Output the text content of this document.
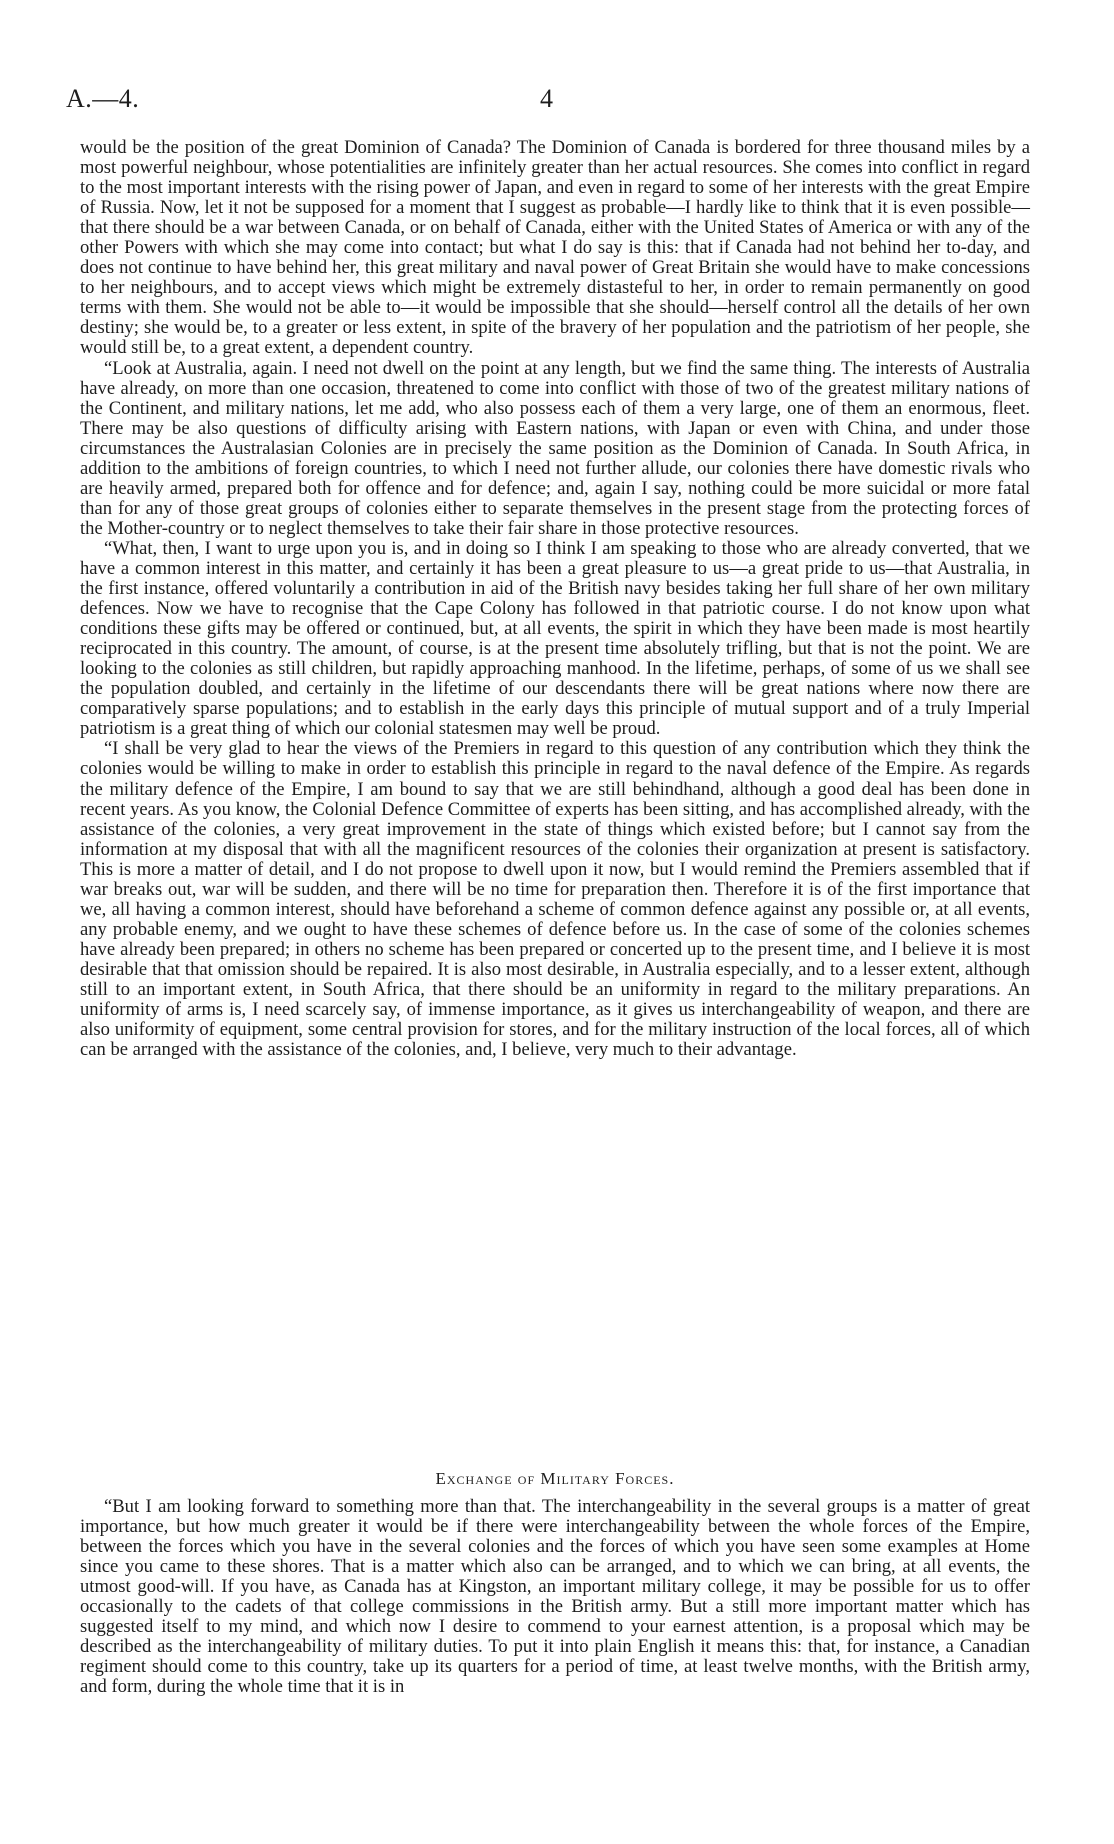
A.—4.	4

would be the position of the great Dominion of Canada? The Dominion of Canada is bordered for three thousand miles by a most powerful neighbour, whose potentialities are infinitely greater than her actual resources. She comes into conflict in regard to the most important interests with the rising power of Japan, and even in regard to some of her interests with the great Empire of Russia. Now, let it not be supposed for a moment that I suggest as probable—I hardly like to think that it is even possible—that there should be a war between Canada, or on behalf of Canada, either with the United States of America or with any of the other Powers with which she may come into contact; but what I do say is this: that if Canada had not behind her to-day, and does not continue to have behind her, this great military and naval power of Great Britain she would have to make concessions to her neighbours, and to accept views which might be extremely distasteful to her, in order to remain permanently on good terms with them. She would not be able to—it would be impossible that she should—herself control all the details of her own destiny; she would be, to a greater or less extent, in spite of the bravery of her population and the patriotism of her people, she would still be, to a great extent, a dependent country.

“Look at Australia, again. I need not dwell on the point at any length, but we find the same thing. The interests of Australia have already, on more than one occasion, threatened to come into conflict with those of two of the greatest military nations of the Continent, and military nations, let me add, who also possess each of them a very large, one of them an enormous, fleet. There may be also questions of difficulty arising with Eastern nations, with Japan or even with China, and under those circumstances the Australasian Colonies are in precisely the same position as the Dominion of Canada. In South Africa, in addition to the ambitions of foreign countries, to which I need not further allude, our colonies there have domestic rivals who are heavily armed, prepared both for offence and for defence; and, again I say, nothing could be more suicidal or more fatal than for any of those great groups of colonies either to separate themselves in the present stage from the protecting forces of the Mother-country or to neglect themselves to take their fair share in those protective resources.

“What, then, I want to urge upon you is, and in doing so I think I am speaking to those who are already converted, that we have a common interest in this matter, and certainly it has been a great pleasure to us—a great pride to us—that Australia, in the first instance, offered voluntarily a contribution in aid of the British navy besides taking her full share of her own military defences. Now we have to recognise that the Cape Colony has followed in that patriotic course. I do not know upon what conditions these gifts may be offered or continued, but, at all events, the spirit in which they have been made is most heartily reciprocated in this country. The amount, of course, is at the present time absolutely trifling, but that is not the point. We are looking to the colonies as still children, but rapidly approaching manhood. In the lifetime, perhaps, of some of us we shall see the population doubled, and certainly in the lifetime of our descendants there will be great nations where now there are comparatively sparse populations; and to establish in the early days this principle of mutual support and of a truly Imperial patriotism is a great thing of which our colonial statesmen may well be proud.

“I shall be very glad to hear the views of the Premiers in regard to this question of any contribution which they think the colonies would be willing to make in order to establish this principle in regard to the naval defence of the Empire. As regards the military defence of the Empire, I am bound to say that we are still behindhand, although a good deal has been done in recent years. As you know, the Colonial Defence Committee of experts has been sitting, and has accomplished already, with the assistance of the colonies, a very great improvement in the state of things which existed before; but I cannot say from the information at my disposal that with all the magnificent resources of the colonies their organization at present is satisfactory. This is more a matter of detail, and I do not propose to dwell upon it now, but I would remind the Premiers assembled that if war breaks out, war will be sudden, and there will be no time for preparation then. Therefore it is of the first importance that we, all having a common interest, should have beforehand a scheme of common defence against any possible or, at all events, any probable enemy, and we ought to have these schemes of defence before us. In the case of some of the colonies schemes have already been prepared; in others no scheme has been prepared or concerted up to the present time, and I believe it is most desirable that that omission should be repaired. It is also most desirable, in Australia especially, and to a lesser extent, although still to an important extent, in South Africa, that there should be an uniformity in regard to the military preparations. An uniformity of arms is, I need scarcely say, of immense importance, as it gives us interchangeability of weapon, and there are also uniformity of equipment, some central provision for stores, and for the military instruction of the local forces, all of which can be arranged with the assistance of the colonies, and, I believe, very much to their advantage.

Exchange of Military Forces.

“But I am looking forward to something more than that. The interchangeability in the several groups is a matter of great importance, but how much greater it would be if there were interchangeability between the whole forces of the Empire, between the forces which you have in the several colonies and the forces of which you have seen some examples at Home since you came to these shores. That is a matter which also can be arranged, and to which we can bring, at all events, the utmost good-will. If you have, as Canada has at Kingston, an important military college, it may be possible for us to offer occasionally to the cadets of that college commissions in the British army. But a still more important matter which has suggested itself to my mind, and which now I desire to commend to your earnest attention, is a proposal which may be described as the interchangeability of military duties. To put it into plain English it means this: that, for instance, a Canadian regiment should come to this country, take up its quarters for a period of time, at least twelve months, with the British army, and form, during the whole time that it is in
